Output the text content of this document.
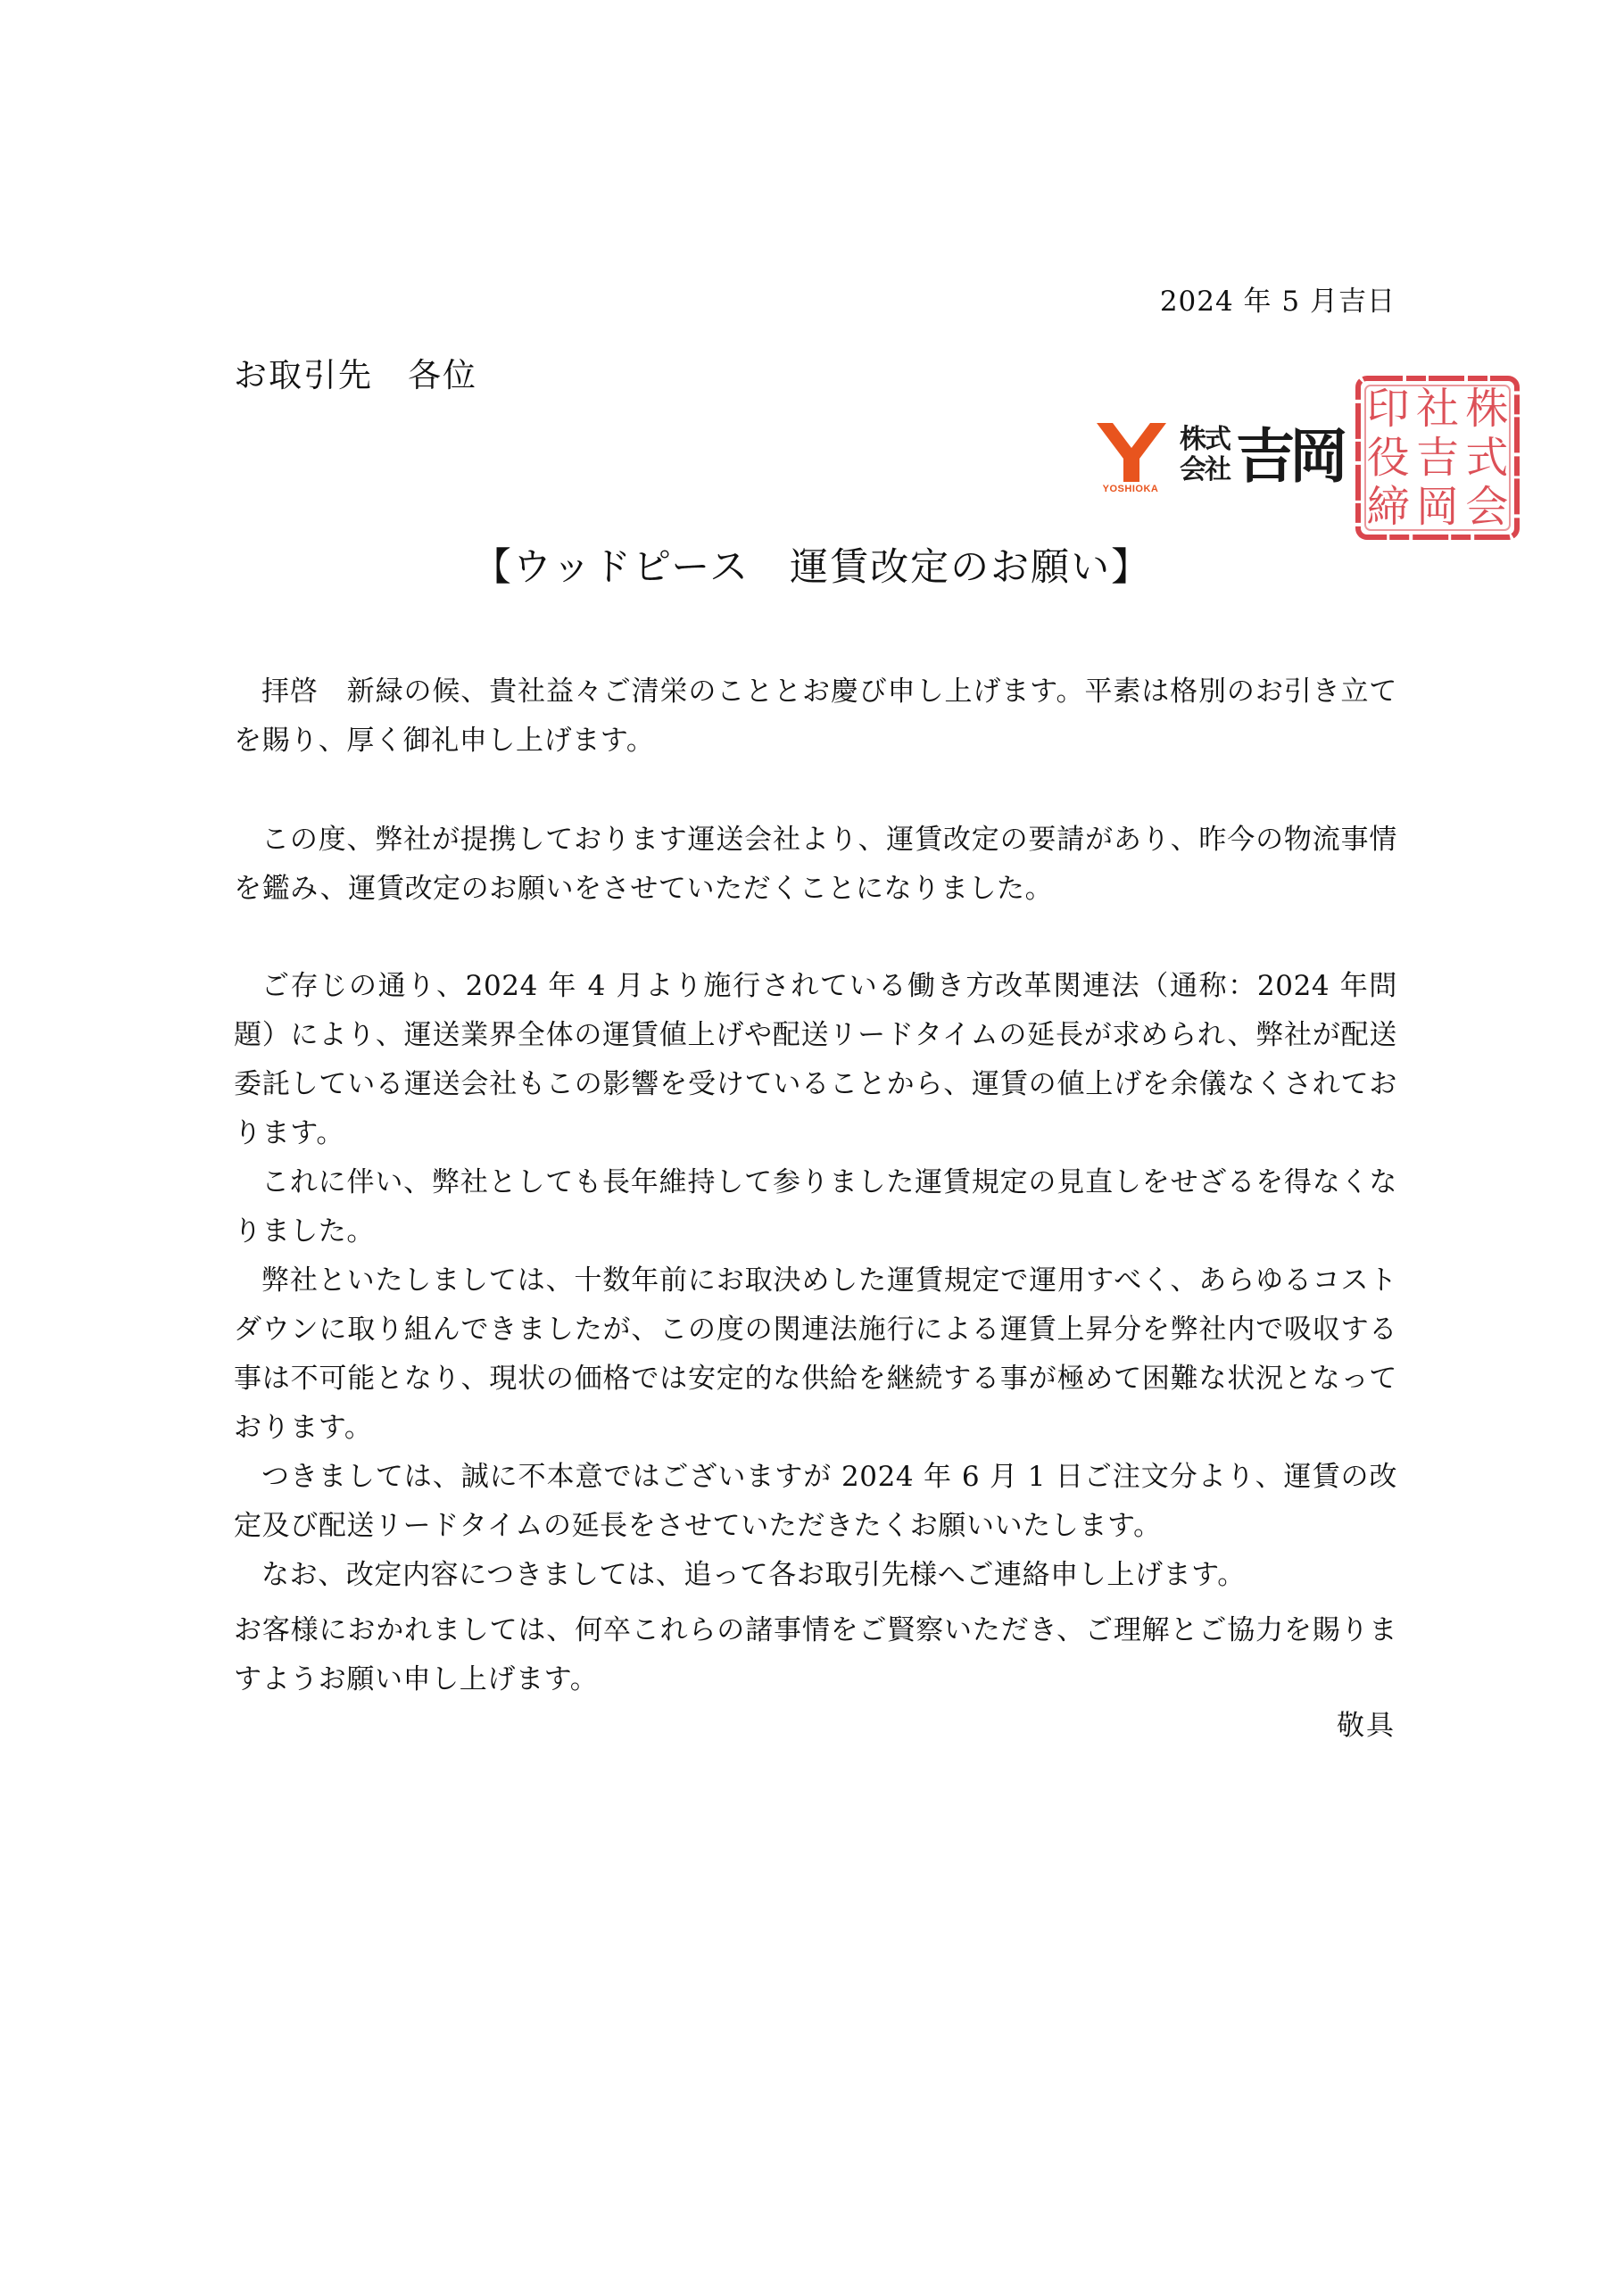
2024 年 5 月吉日
お取引先　各位
YOSHIOKA
株式会社 吉岡
印 社 株
役 吉 式
締 岡 会
【ウッドピース　運賃改定のお願い】

拝啓　新緑の候、貴社益々ご清栄のこととお慶び申し上げます。平素は格別のお引き立てを賜り、厚く御礼申し上げます。

この度、弊社が提携しております運送会社より、運賃改定の要請があり、昨今の物流事情を鑑み、運賃改定のお願いをさせていただくことになりました。

ご存じの通り、2024 年 4 月より施行されている働き方改革関連法（通称：2024 年問題）により、運送業界全体の運賃値上げや配送リードタイムの延長が求められ、弊社が配送委託している運送会社もこの影響を受けていることから、運賃の値上げを余儀なくされております。

これに伴い、弊社としても長年維持して参りました運賃規定の見直しをせざるを得なくなりました。

弊社といたしましては、十数年前にお取決めした運賃規定で運用すべく、あらゆるコストダウンに取り組んできましたが、この度の関連法施行による運賃上昇分を弊社内で吸収する事は不可能となり、現状の価格では安定的な供給を継続する事が極めて困難な状況となっております。

つきましては、誠に不本意ではございますが 2024 年 6 月 1 日ご注文分より、運賃の改定及び配送リードタイムの延長をさせていただきたくお願いいたします。

なお、改定内容につきましては、追って各お取引先様へご連絡申し上げます。

お客様におかれましては、何卒これらの諸事情をご賢察いただき、ご理解とご協力を賜りますようお願い申し上げます。

敬具
